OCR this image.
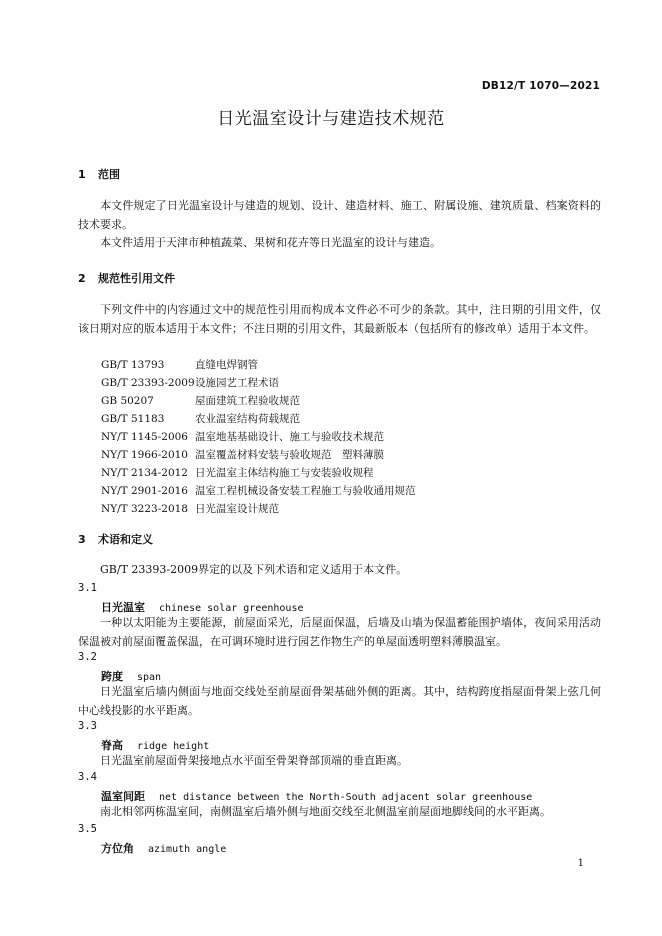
DB12/T 1070—2021
日光温室设计与建造技术规范
1 范围
本文件规定了日光温室设计与建造的规划、设计、建造材料、施工、附属设施、建筑质量、档案资料的技术要求。
本文件适用于天津市种植蔬菜、果树和花卉等日光温室的设计与建造。
2 规范性引用文件
下列文件中的内容通过文中的规范性引用而构成本文件必不可少的条款。其中，注日期的引用文件，仅该日期对应的版本适用于本文件；不注日期的引用文件，其最新版本（包括所有的修改单）适用于本文件。
GB/T 13793	直缝电焊钢管
GB/T 23393-2009设施园艺工程术语
GB 50207	屋面建筑工程验收规范
GB/T 51183	农业温室结构荷载规范
NY/T 1145-2006 温室地基基础设计、施工与验收技术规范
NY/T 1966-2010 温室覆盖材料安装与验收规范　塑料薄膜
NY/T 2134-2012 日光温室主体结构施工与安装验收规程
NY/T 2901-2016 温室工程机械设备安装工程施工与验收通用规范
NY/T 3223-2018 日光温室设计规范
3 术语和定义
GB/T 23393-2009界定的以及下列术语和定义适用于本文件。
3.1
日光温室 chinese solar greenhouse
一种以太阳能为主要能源，前屋面采光，后屋面保温，后墙及山墙为保温蓄能围护墙体，夜间采用活动保温被对前屋面覆盖保温，在可调环境时进行园艺作物生产的单屋面透明塑料薄膜温室。
3.2
跨度 span
日光温室后墙内侧面与地面交线处至前屋面骨架基础外侧的距离。其中，结构跨度指屋面骨架上弦几何中心线投影的水平距离。
3.3
脊高 ridge height
日光温室前屋面骨架接地点水平面至骨架脊部顶端的垂直距离。
3.4
温室间距 net distance between the North-South adjacent solar greenhouse
南北相邻两栋温室间，南侧温室后墙外侧与地面交线至北侧温室前屋面地脚线间的水平距离。
3.5
方位角 azimuth angle
1
